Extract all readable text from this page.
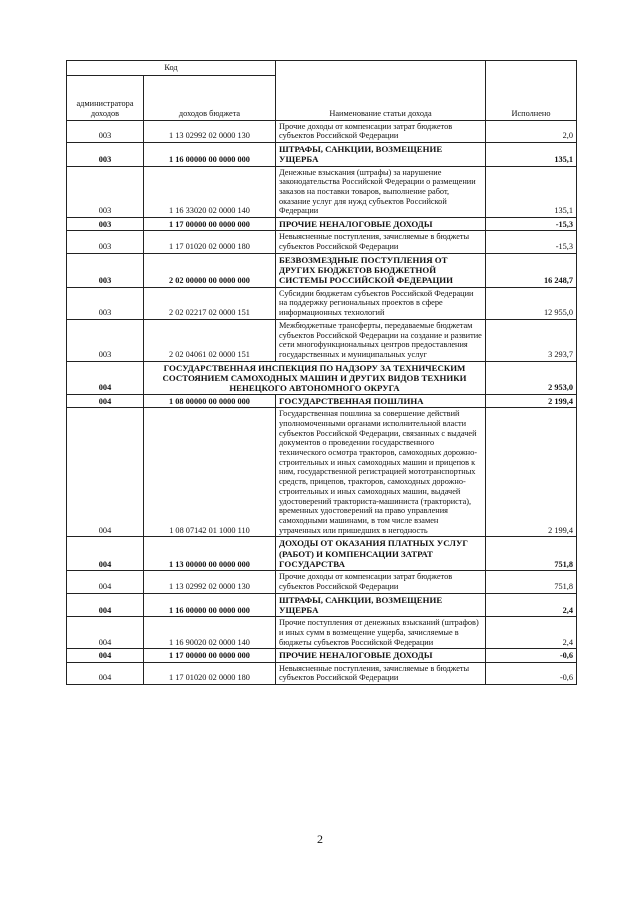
Код		Наименование статьи дохода	Исполнено
администратора доходов	доходов бюджета		
003	1 13 02992 02 0000 130	Прочие доходы от компенсации затрат бюджетов субъектов Российской Федерации	2,0
003	1 16 00000 00 0000 000	ШТРАФЫ, САНКЦИИ, ВОЗМЕЩЕНИЕ УЩЕРБА	135,1
003	1 16 33020 02 0000 140	Денежные взыскания (штрафы) за нарушение законодательства Российской Федерации о размещении заказов на поставки товаров, выполнение работ, оказание услуг для нужд субъектов Российской Федерации	135,1
003	1 17 00000 00 0000 000	ПРОЧИЕ НЕНАЛОГОВЫЕ ДОХОДЫ	-15,3
003	1 17 01020 02 0000 180	Невыясненные поступления, зачисляемые в бюджеты субъектов Российской Федерации	-15,3
003	2 02 00000 00 0000 000	БЕЗВОЗМЕЗДНЫЕ ПОСТУПЛЕНИЯ ОТ ДРУГИХ БЮДЖЕТОВ БЮДЖЕТНОЙ СИСТЕМЫ РОССИЙСКОЙ ФЕДЕРАЦИИ	16 248,7
003	2 02 02217 02 0000 151	Субсидии бюджетам субъектов Российской Федерации на поддержку региональных проектов в сфере информационных технологий	12 955,0
003	2 02 04061 02 0000 151	Межбюджетные трансферты, передаваемые бюджетам субъектов Российской Федерации на создание и развитие сети многофункциональных центров предоставления государственных и муниципальных услуг	3 293,7
004	ГОСУДАРСТВЕННАЯ ИНСПЕКЦИЯ ПО НАДЗОРУ ЗА ТЕХНИЧЕСКИМ СОСТОЯНИЕМ САМОХОДНЫХ МАШИН И ДРУГИХ ВИДОВ ТЕХНИКИ НЕНЕЦКОГО АВТОНОМНОГО ОКРУГА		2 953,0
004	1 08 00000 00 0000 000	ГОСУДАРСТВЕННАЯ ПОШЛИНА	2 199,4
004	1 08 07142 01 1000 110	Государственная пошлина за совершение действий уполномоченными органами исполнительной власти субъектов Российской Федерации, связанных с выдачей документов о проведении государственного технического осмотра тракторов, самоходных дорожно-строительных и иных самоходных машин и прицепов к ним, государственной регистрацией мототранспортных средств, прицепов, тракторов, самоходных дорожно-строительных и иных самоходных машин, выдачей удостоверений тракториста-машиниста (тракториста), временных удостоверений на право управления самоходными машинами, в том числе взамен утраченных или пришедших в негодность	2 199,4
004	1 13 00000 00 0000 000	ДОХОДЫ ОТ ОКАЗАНИЯ ПЛАТНЫХ УСЛУГ (РАБОТ) И КОМПЕНСАЦИИ ЗАТРАТ ГОСУДАРСТВА	751,8
004	1 13 02992 02 0000 130	Прочие доходы от компенсации затрат бюджетов субъектов Российской Федерации	751,8
004	1 16 00000 00 0000 000	ШТРАФЫ, САНКЦИИ, ВОЗМЕЩЕНИЕ УЩЕРБА	2,4
004	1 16 90020 02 0000 140	Прочие поступления от денежных взысканий (штрафов) и иных сумм в возмещение ущерба, зачисляемые в бюджеты субъектов Российской Федерации	2,4
004	1 17 00000 00 0000 000	ПРОЧИЕ НЕНАЛОГОВЫЕ ДОХОДЫ	-0,6
004	1 17 01020 02 0000 180	Невыясненные поступления, зачисляемые в бюджеты субъектов Российской Федерации	-0,6
2
